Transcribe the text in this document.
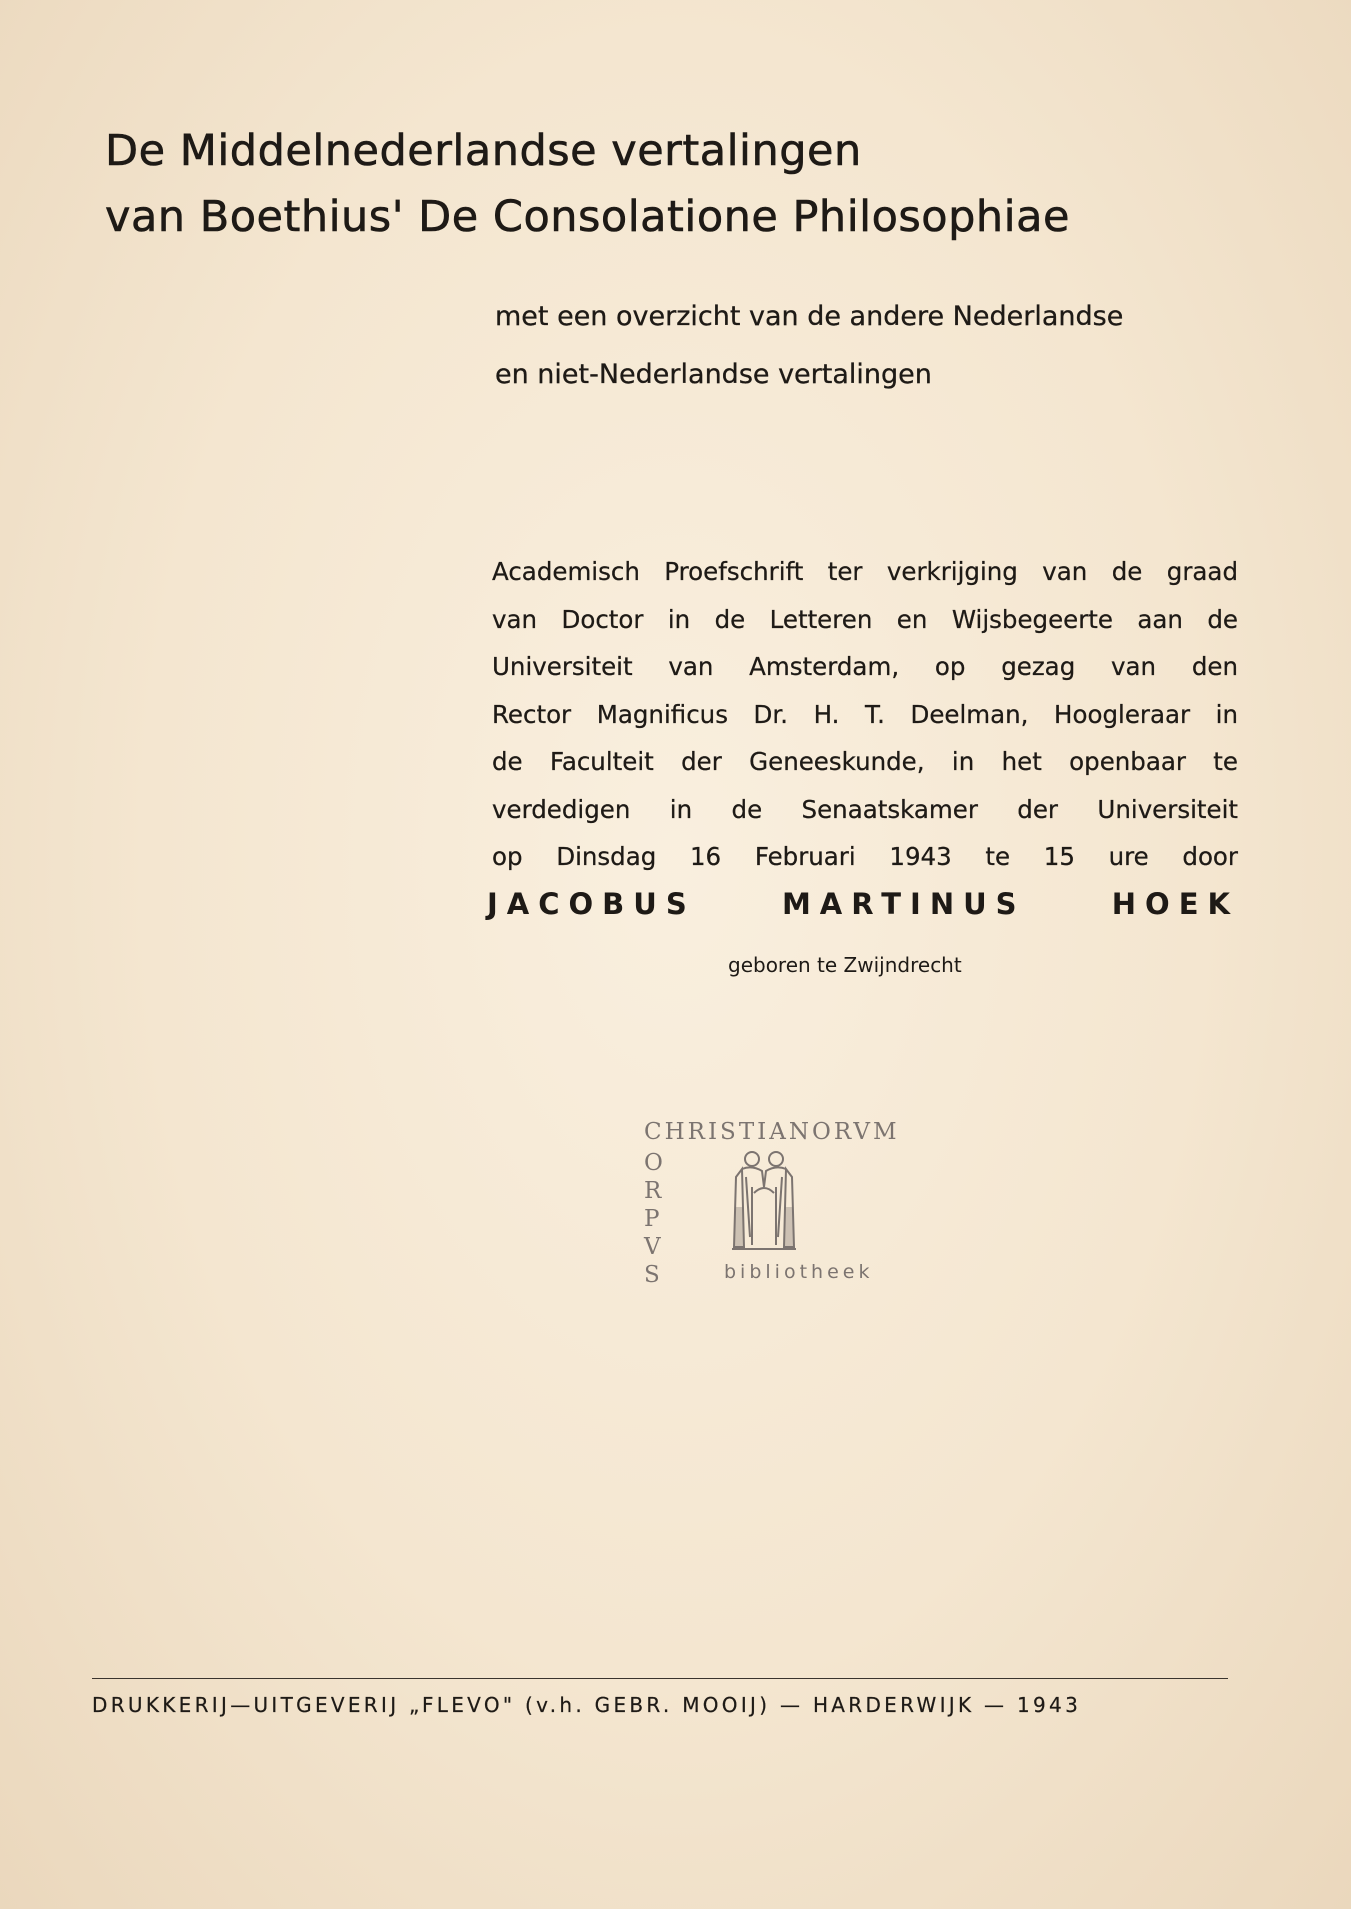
De Middelnederlandse vertalingen
van Boethius' De Consolatione Philosophiae
met een overzicht van de andere Nederlandse
en niet-Nederlandse vertalingen
Academisch Proefschrift ter verkrijging van de graad
van Doctor in de Letteren en Wijsbegeerte aan de
Universiteit van Amsterdam, op gezag van den
Rector Magnificus Dr. H. T. Deelman, Hoogleraar in
de Faculteit der Geneeskunde, in het openbaar te
verdedigen in de Senaatskamer der Universiteit
op Dinsdag 16 Februari 1943 te 15 ure door
JACOBUS	MARTINUS	HOEK
geboren te Zwijndrecht
CHRISTIANORVM
O
R
P
V
S	bibliotheek
DRUKKERIJ—UITGEVERIJ „FLEVO" (v.h. GEBR. MOOIJ) — HARDERWIJK — 1943
